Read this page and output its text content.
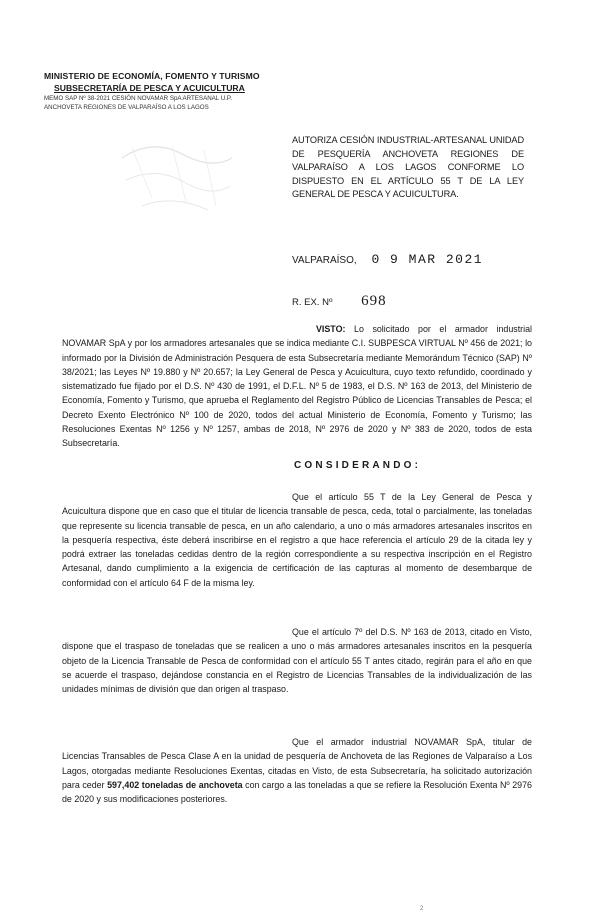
MINISTERIO DE ECONOMÍA, FOMENTO Y TURISMO
SUBSECRETARÍA DE PESCA Y ACUICULTURA
MEMO SAP Nº 38-2021 CESIÓN NOVAMAR SpA ARTESANAL U.P.
ANCHOVETA REGIONES DE VALPARAÍSO A LOS LAGOS
AUTORIZA CESIÓN INDUSTRIAL-ARTESANAL UNIDAD DE PESQUERÍA ANCHOVETA REGIONES DE VALPARAÍSO A LOS LAGOS CONFORME LO DISPUESTO EN EL ARTÍCULO 55 T DE LA LEY GENERAL DE PESCA Y ACUICULTURA.
VALPARAÍSO, 0 9 MAR 2021
R. EX. Nº 698
VISTO: Lo solicitado por el armador industrial NOVAMAR SpA y por los armadores artesanales que se indica mediante C.I. SUBPESCA VIRTUAL Nº 456 de 2021; lo informado por la División de Administración Pesquera de esta Subsecretaría mediante Memorándum Técnico (SAP) Nº 38/2021; las Leyes Nº 19.880 y Nº 20.657; la Ley General de Pesca y Acuicultura, cuyo texto refundido, coordinado y sistematizado fue fijado por el D.S. Nº 430 de 1991, el D.F.L. Nº 5 de 1983, el D.S. Nº 163 de 2013, del Ministerio de Economía, Fomento y Turismo, que aprueba el Reglamento del Registro Público de Licencias Transables de Pesca; el Decreto Exento Electrónico Nº 100 de 2020, todos del actual Ministerio de Economía, Fomento y Turismo; las Resoluciones Exentas Nº 1256 y Nº 1257, ambas de 2018, Nº 2976 de 2020 y Nº 383 de 2020, todos de esta Subsecretaría.
CONSIDERANDO:
Que el artículo 55 T de la Ley General de Pesca y Acuicultura dispone que en caso que el titular de licencia transable de pesca, ceda, total o parcialmente, las toneladas que represente su licencia transable de pesca, en un año calendario, a uno o más armadores artesanales inscritos en la pesquería respectiva, éste deberá inscribirse en el registro a que hace referencia el artículo 29 de la citada ley y podrá extraer las toneladas cedidas dentro de la región correspondiente a su respectiva inscripción en el Registro Artesanal, dando cumplimiento a la exigencia de certificación de las capturas al momento de desembarque de conformidad con el artículo 64 F de la misma ley.
Que el artículo 7º del D.S. Nº 163 de 2013, citado en Visto, dispone que el traspaso de toneladas que se realicen a uno o más armadores artesanales inscritos en la pesquería objeto de la Licencia Transable de Pesca de conformidad con el artículo 55 T antes citado, regirán para el año en que se acuerde el traspaso, dejándose constancia en el Registro de Licencias Transables de la individualización de las unidades mínimas de división que dan origen al traspaso.
Que el armador industrial NOVAMAR SpA, titular de Licencias Transables de Pesca Clase A en la unidad de pesquería de Anchoveta de las Regiones de Valparaíso a Los Lagos, otorgadas mediante Resoluciones Exentas, citadas en Visto, de esta Subsecretaría, ha solicitado autorización para ceder 597,402 toneladas de anchoveta con cargo a las toneladas a que se refiere la Resolución Exenta Nº 2976 de 2020 y sus modificaciones posteriores.
2
